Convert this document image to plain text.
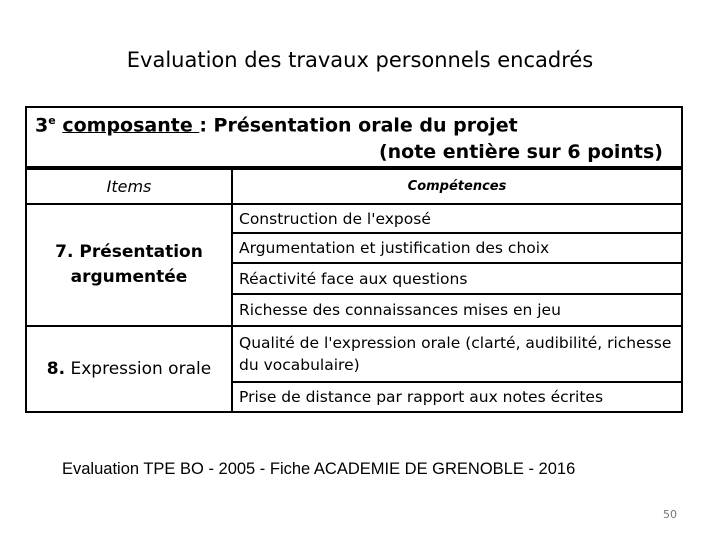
Evaluation des travaux personnels encadrés
3e composante : Présentation orale du projet
(note entière sur 6 points)
Items	Compétences
7. Présentation argumentée
8. Expression orale
Construction de l'exposé
Argumentation et justification des choix
Réactivité face aux questions
Richesse des connaissances mises en jeu
Qualité de l'expression orale (clarté, audibilité, richesse du vocabulaire)
Prise de distance par rapport aux notes écrites
Evaluation TPE BO - 2005 - Fiche ACADEMIE DE GRENOBLE - 2016
50
